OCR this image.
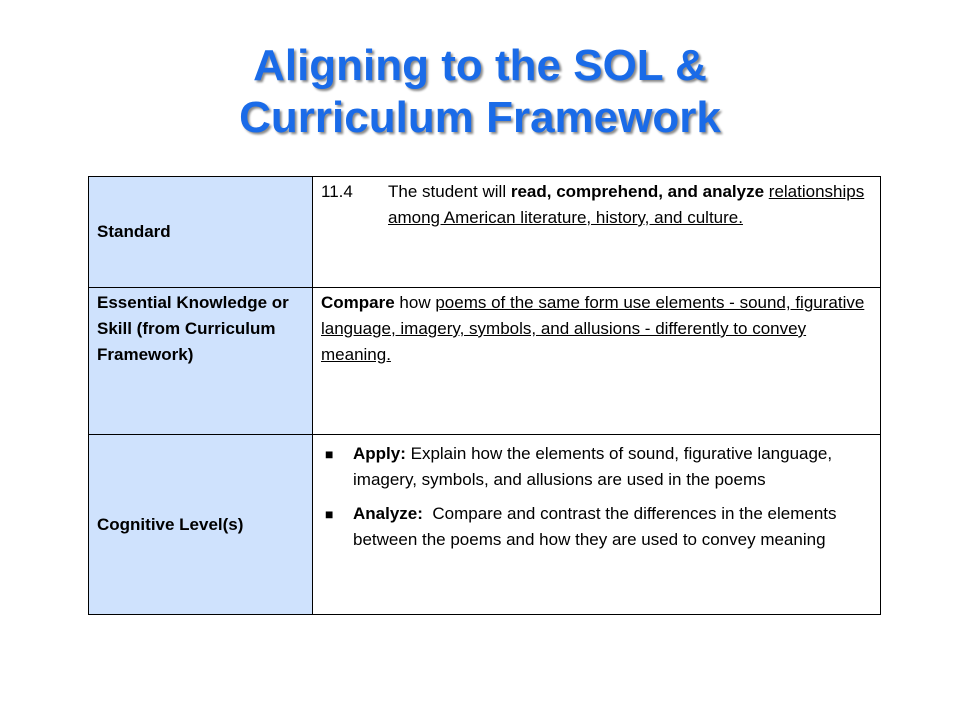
Aligning to the SOL &
Curriculum Framework
Standard	11.4 The student will read, comprehend, and analyze relationships among American literature, history, and culture.

Essential Knowledge or Skill (from Curriculum Framework)	Compare how poems of the same form use elements - sound, figurative language, imagery, symbols, and allusions - differently to convey meaning.

Cognitive Level(s)	■ Apply: Explain how the elements of sound, figurative language, imagery, symbols, and allusions are used in the poems
■ Analyze:  Compare and contrast the differences in the elements between the poems and how they are used to convey meaning
